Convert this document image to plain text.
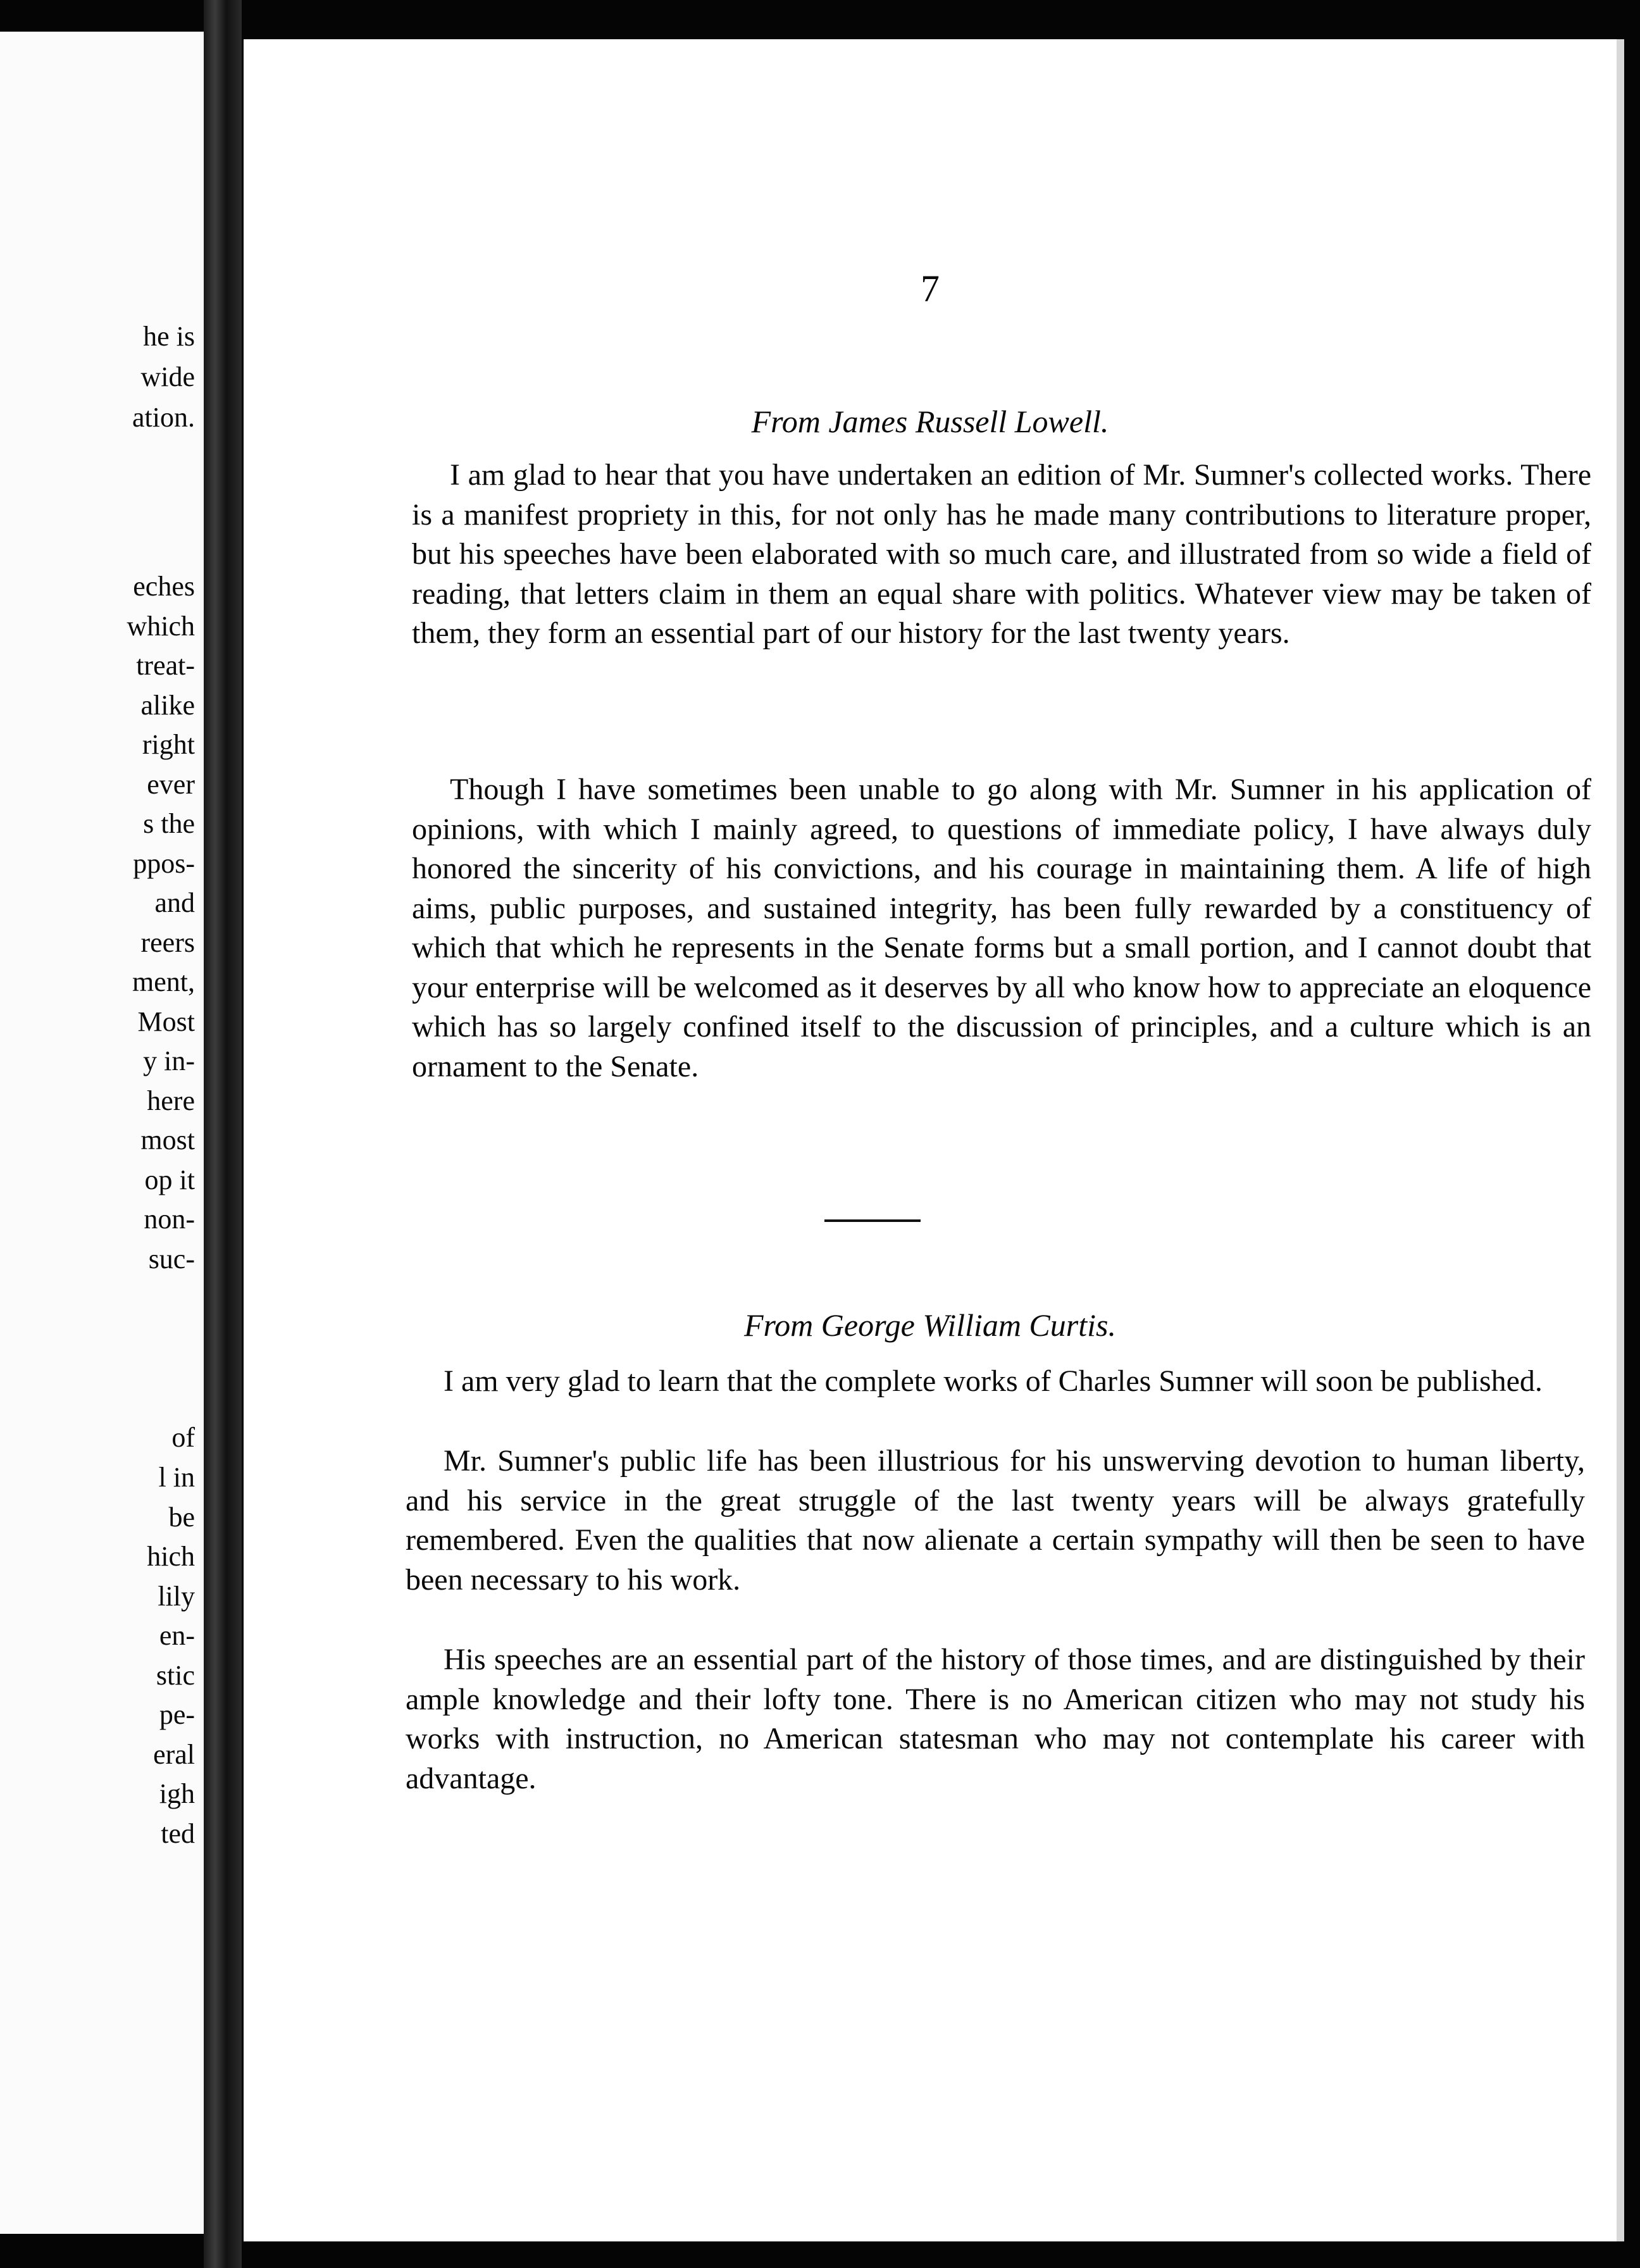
he is
wide
ation.
eches
which
treat-
alike
right
ever
s the
ppos-
and
reers
ment,
Most
y in-
here
most
op it
non-
suc-
of
l in
be
hich
lily
en-
stic
pe-
eral
igh
ted
7
From James Russell Lowell.

I am glad to hear that you have undertaken an edition of Mr. Sumner's collected works. There is a manifest propriety in this, for not only has he made many contributions to literature proper, but his speeches have been elaborated with so much care, and illustrated from so wide a field of reading, that letters claim in them an equal share with politics. Whatever view may be taken of them, they form an essential part of our history for the last twenty years.

Though I have sometimes been unable to go along with Mr. Sumner in his application of opinions, with which I mainly agreed, to questions of immediate policy, I have always duly honored the sincerity of his convictions, and his courage in maintaining them. A life of high aims, public purposes, and sustained integrity, has been fully rewarded by a constituency of which that which he represents in the Senate forms but a small portion, and I cannot doubt that your enterprise will be welcomed as it deserves by all who know how to appreciate an eloquence which has so largely confined itself to the discussion of principles, and a culture which is an ornament to the Senate.

From George William Curtis.

I am very glad to learn that the complete works of Charles Sumner will soon be published.

Mr. Sumner's public life has been illustrious for his unswerving devotion to human liberty, and his service in the great struggle of the last twenty years will be always gratefully remembered. Even the qualities that now alienate a certain sympathy will then be seen to have been necessary to his work.

His speeches are an essential part of the history of those times, and are distinguished by their ample knowledge and their lofty tone. There is no American citizen who may not study his works with instruction, no American statesman who may not contemplate his career with advantage.
